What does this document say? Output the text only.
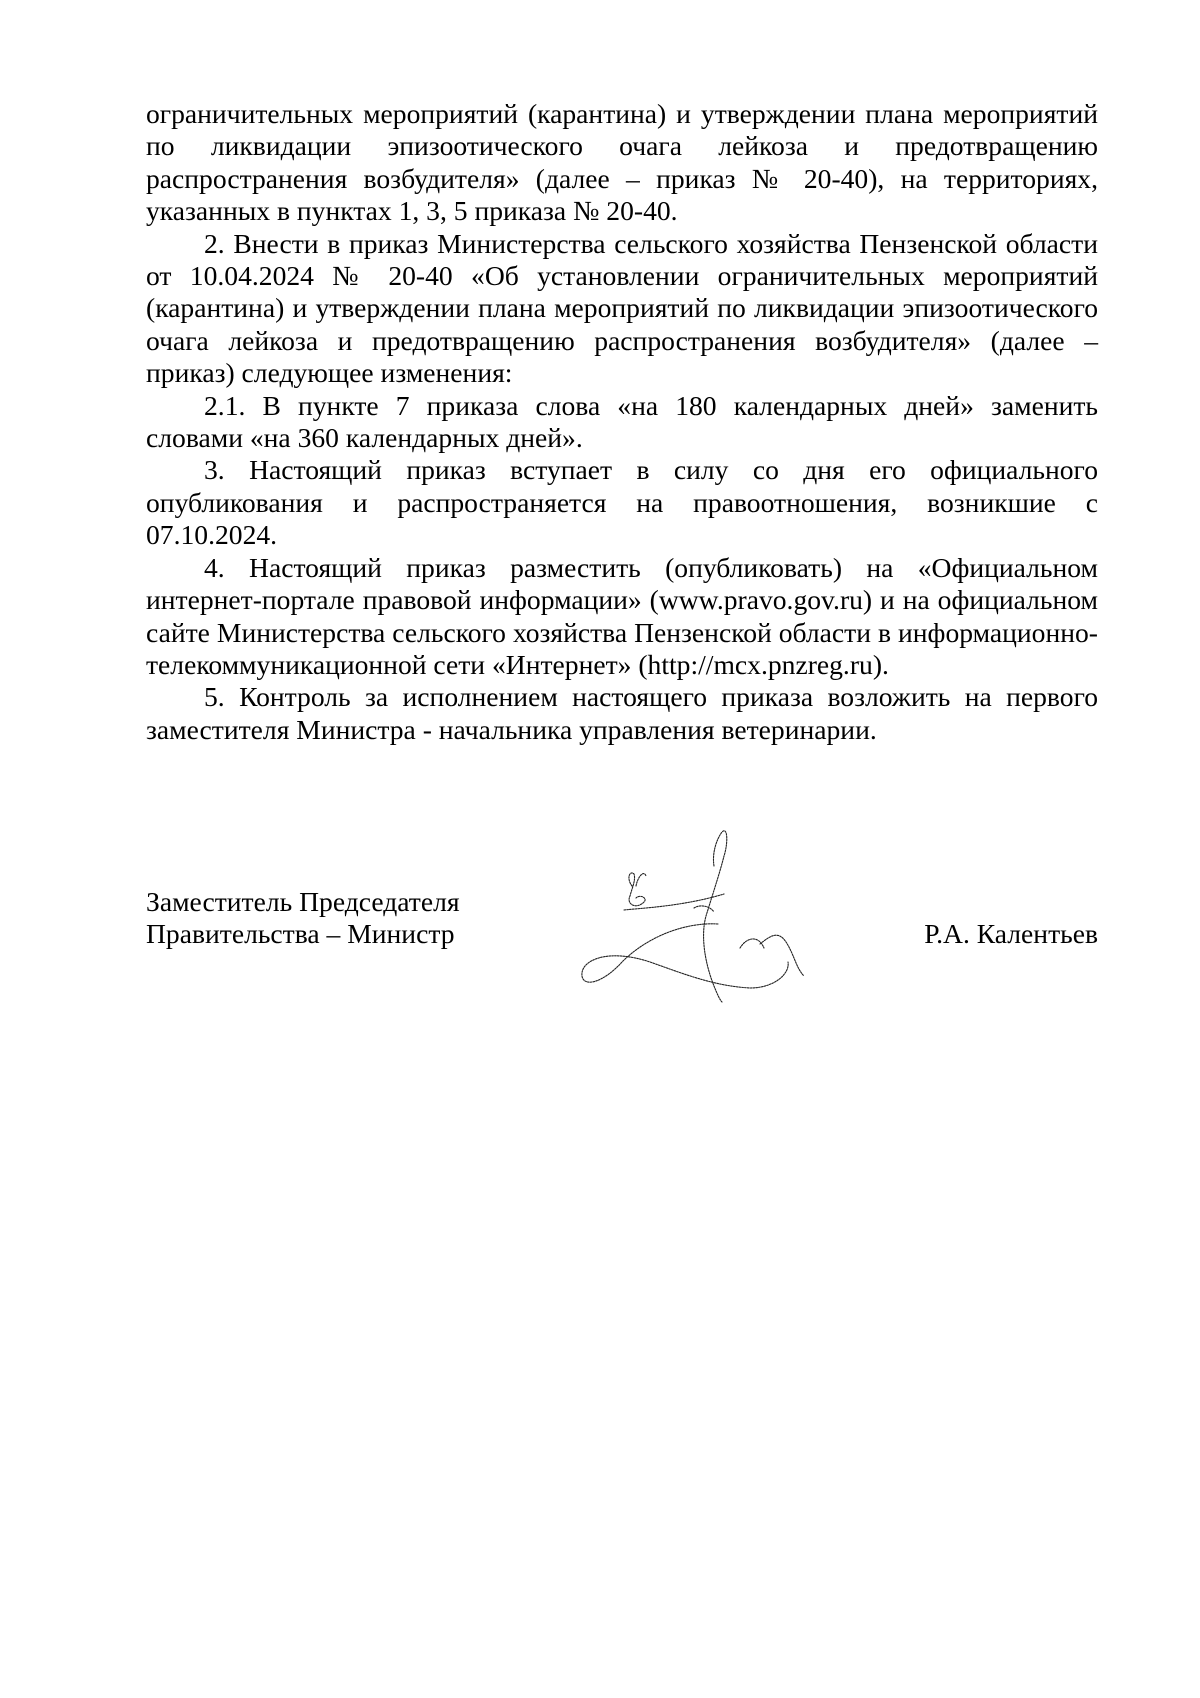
ограничительных мероприятий (карантина) и утверждении плана мероприятий по ликвидации эпизоотического очага лейкоза и предотвращению распространения возбудителя» (далее – приказ № 20-40), на территориях, указанных в пунктах 1, 3, 5 приказа № 20-40.

2. Внести в приказ Министерства сельского хозяйства Пензенской области от 10.04.2024 № 20-40 «Об установлении ограничительных мероприятий (карантина) и утверждении плана мероприятий по ликвидации эпизоотического очага лейкоза и предотвращению распространения возбудителя» (далее – приказ) следующее изменения:

2.1. В пункте 7 приказа слова «на 180 календарных дней» заменить словами «на 360 календарных дней».

3. Настоящий приказ вступает в силу со дня его официального опубликования и распространяется на правоотношения, возникшие с 07.10.2024.

4. Настоящий приказ разместить (опубликовать) на «Официальном интернет-портале правовой информации» (www.pravo.gov.ru) и на официальном сайте Министерства сельского хозяйства Пензенской области в информационно-телекоммуникационной сети «Интернет» (http://mcx.pnzreg.ru).

5. Контроль за исполнением настоящего приказа возложить на первого заместителя Министра - начальника управления ветеринарии.

Заместитель Председателя
Правительства – Министр	Р.А. Калентьев
